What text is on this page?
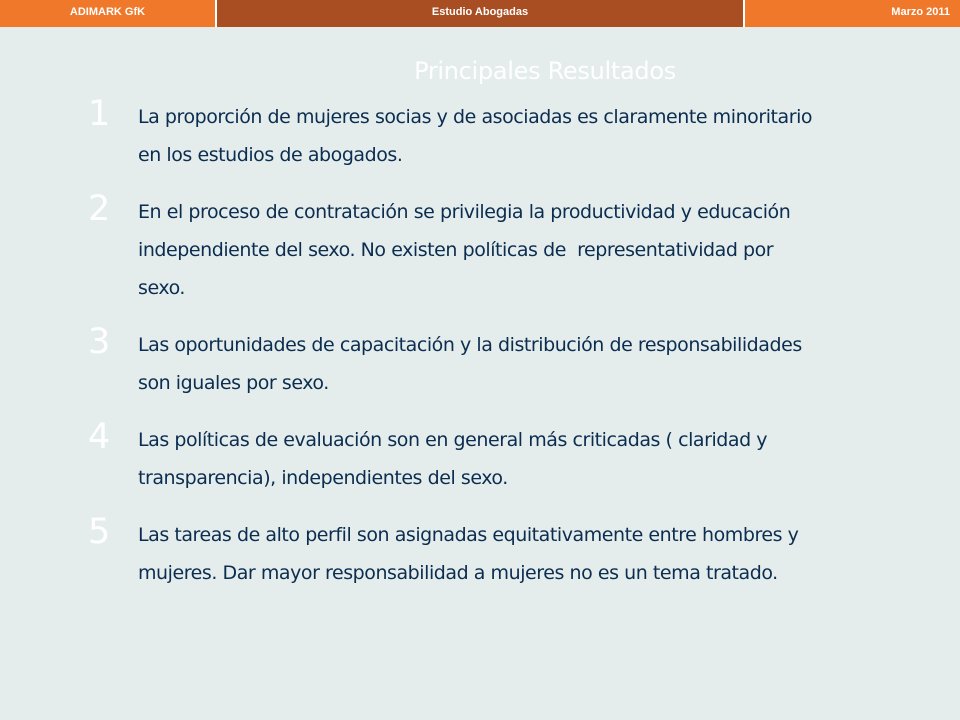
ADIMARK GfK	Estudio Abogadas	Marzo 2011
Principales Resultados
1 La proporción de mujeres socias y de asociadas es claramente minoritario
en los estudios de abogados.
2 En el proceso de contratación se privilegia la productividad y educación
independiente del sexo. No existen políticas de  representatividad por
sexo.
3 Las oportunidades de capacitación y la distribución de responsabilidades
son iguales por sexo.
4 Las políticas de evaluación son en general más criticadas ( claridad y
transparencia), independientes del sexo.
5 Las tareas de alto perfil son asignadas equitativamente entre hombres y
mujeres. Dar mayor responsabilidad a mujeres no es un tema tratado.
